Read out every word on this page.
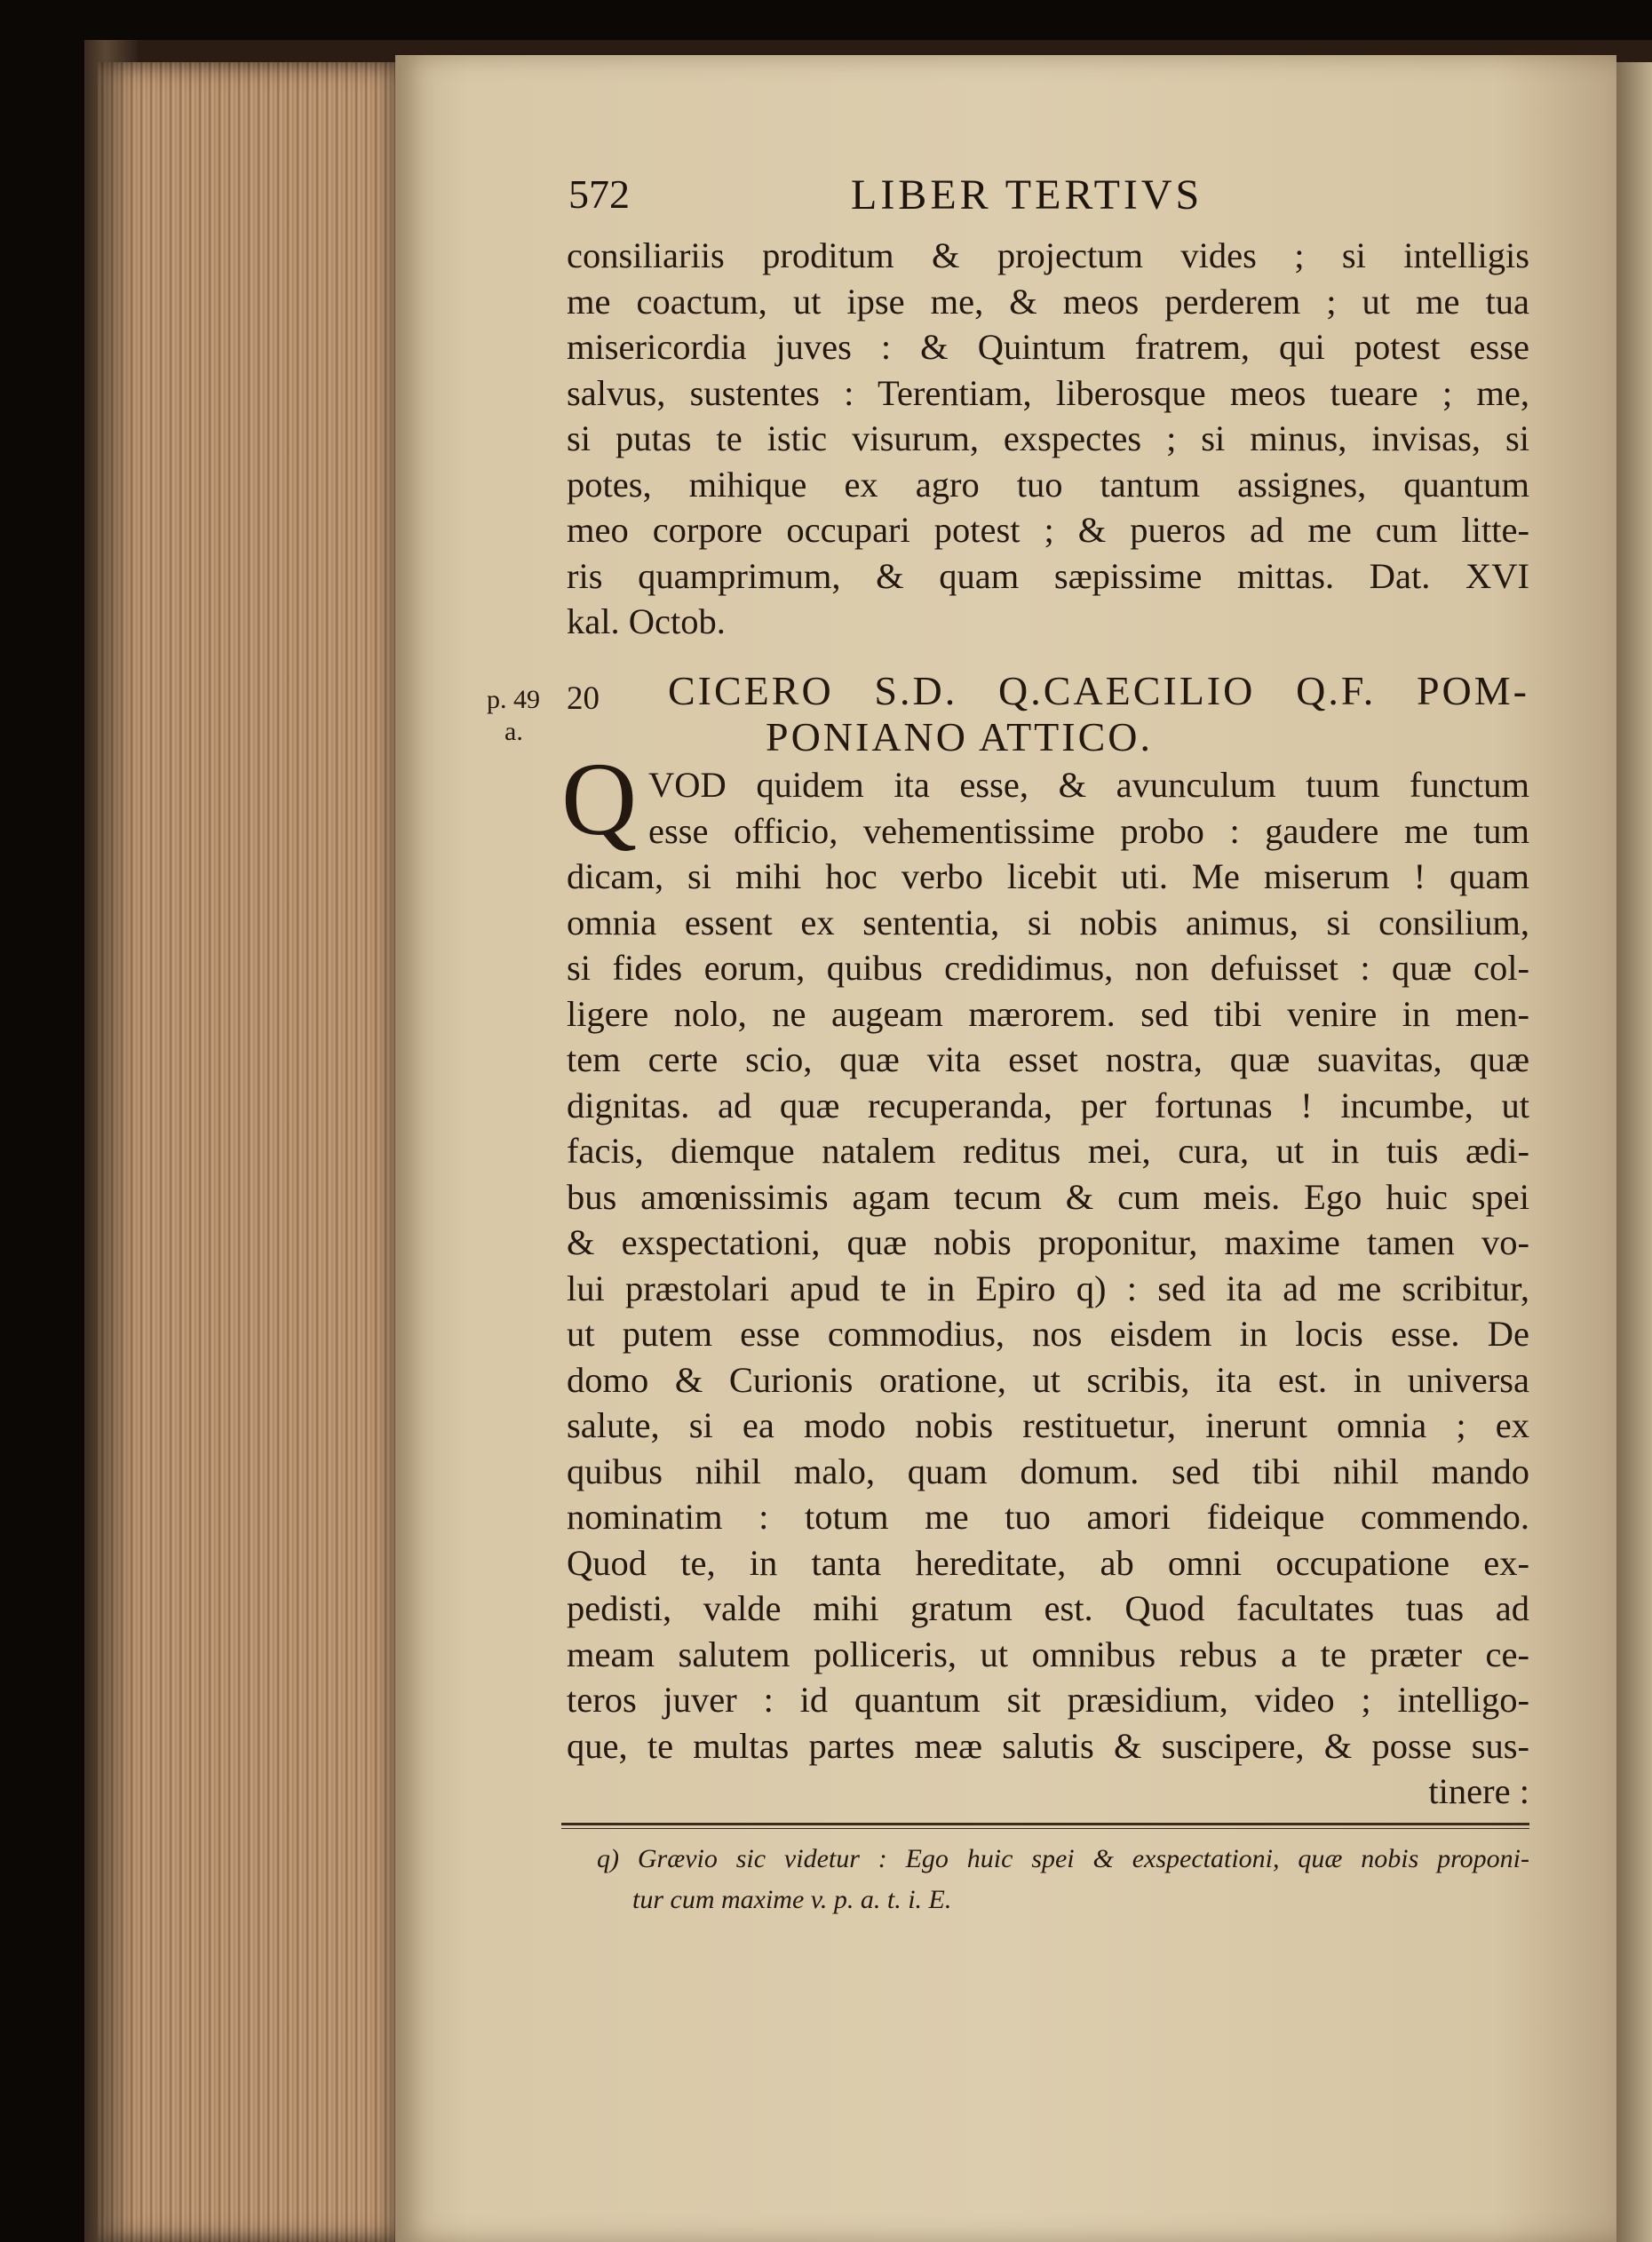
572	LIBER TERTIVS
consiliariis proditum & projectum vides ; si intelligis
me coactum, ut ipse me, & meos perderem ; ut me tua
misericordia juves : & Quintum fratrem, qui potest esse
salvus, sustentes : Terentiam, liberosque meos tueare ; me,
si putas te istic visurum, exspectes ; si minus, invisas, si
potes, mihique ex agro tuo tantum assignes, quantum
meo corpore occupari potest ; & pueros ad me cum litte-
ris quamprimum, & quam sæpissime mittas. Dat. XVI
kal. Octob.
p. 49
a.
20 CICERO S.D. Q.CAECILIO Q.F. POM-
PONIANO ATTICO.
Q VOD quidem ita esse, & avunculum tuum functum
esse officio, vehementissime probo : gaudere me tum
dicam, si mihi hoc verbo licebit uti. Me miserum ! quam
omnia essent ex sententia, si nobis animus, si consilium,
si fides eorum, quibus credidimus, non defuisset : quæ col-
ligere nolo, ne augeam mærorem. sed tibi venire in men-
tem certe scio, quæ vita esset nostra, quæ suavitas, quæ
dignitas. ad quæ recuperanda, per fortunas ! incumbe, ut
facis, diemque natalem reditus mei, cura, ut in tuis ædi-
bus amœnissimis agam tecum & cum meis. Ego huic spei
& exspectationi, quæ nobis proponitur, maxime tamen vo-
lui præstolari apud te in Epiro q) : sed ita ad me scribitur,
ut putem esse commodius, nos eisdem in locis esse. De
domo & Curionis oratione, ut scribis, ita est. in universa
salute, si ea modo nobis restituetur, inerunt omnia ; ex
quibus nihil malo, quam domum. sed tibi nihil mando
nominatim : totum me tuo amori fideique commendo.
Quod te, in tanta hereditate, ab omni occupatione ex-
pedisti, valde mihi gratum est. Quod facultates tuas ad
meam salutem polliceris, ut omnibus rebus a te præter ce-
teros juver : id quantum sit præsidium, video ; intelligo-
que, te multas partes meæ salutis & suscipere, & posse sus-
tinere :
q) Grævio sic videtur : Ego huic spei & exspectationi, quæ nobis proponi-
tur cum maxime v. p. a. t. i. E.
